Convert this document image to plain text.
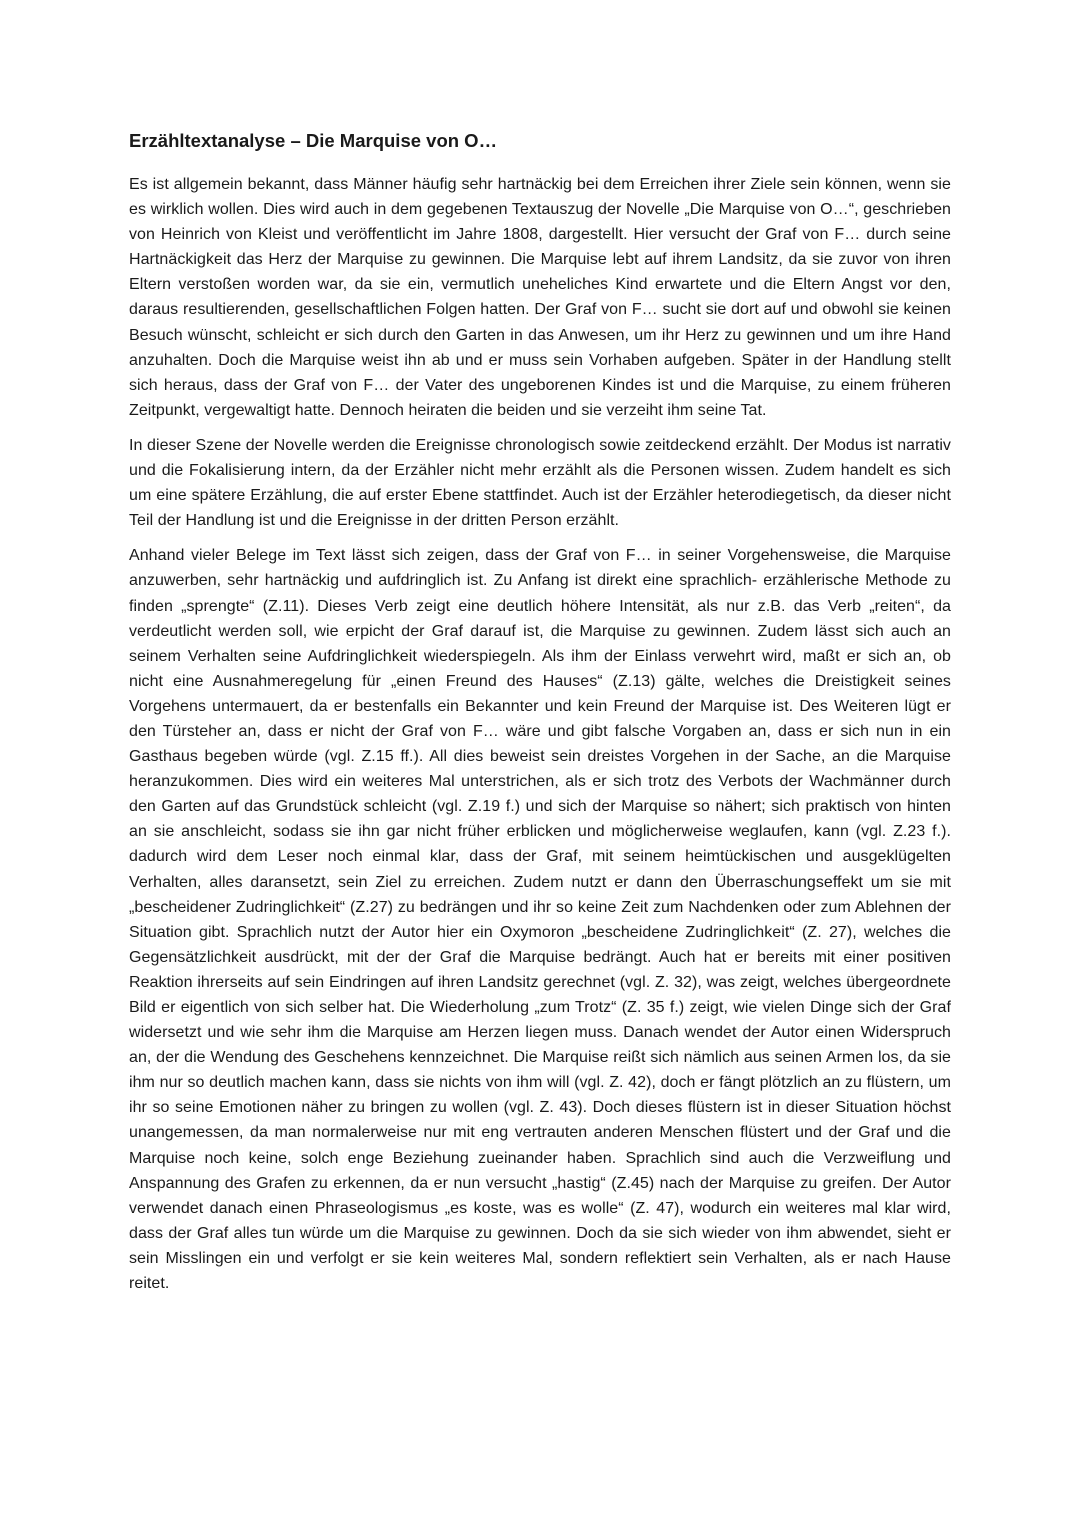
Erzähltextanalyse – Die Marquise von O…

Es ist allgemein bekannt, dass Männer häufig sehr hartnäckig bei dem Erreichen ihrer Ziele sein können, wenn sie es wirklich wollen. Dies wird auch in dem gegebenen Textauszug der Novelle „Die Marquise von O…“, geschrieben von Heinrich von Kleist und veröffentlicht im Jahre 1808, dargestellt. Hier versucht der Graf von F… durch seine Hartnäckigkeit das Herz der Marquise zu gewinnen. Die Marquise lebt auf ihrem Landsitz, da sie zuvor von ihren Eltern verstoßen worden war, da sie ein, vermutlich uneheliches Kind erwartete und die Eltern Angst vor den, daraus resultierenden, gesellschaftlichen Folgen hatten. Der Graf von F… sucht sie dort auf und obwohl sie keinen Besuch wünscht, schleicht er sich durch den Garten in das Anwesen, um ihr Herz zu gewinnen und um ihre Hand anzuhalten. Doch die Marquise weist ihn ab und er muss sein Vorhaben aufgeben. Später in der Handlung stellt sich heraus, dass der Graf von F… der Vater des ungeborenen Kindes ist und die Marquise, zu einem früheren Zeitpunkt, vergewaltigt hatte. Dennoch heiraten die beiden und sie verzeiht ihm seine Tat.

In dieser Szene der Novelle werden die Ereignisse chronologisch sowie zeitdeckend erzählt. Der Modus ist narrativ und die Fokalisierung intern, da der Erzähler nicht mehr erzählt als die Personen wissen. Zudem handelt es sich um eine spätere Erzählung, die auf erster Ebene stattfindet. Auch ist der Erzähler heterodiegetisch, da dieser nicht Teil der Handlung ist und die Ereignisse in der dritten Person erzählt.

Anhand vieler Belege im Text lässt sich zeigen, dass der Graf von F… in seiner Vorgehensweise, die Marquise anzuwerben, sehr hartnäckig und aufdringlich ist. Zu Anfang ist direkt eine sprachlich- erzählerische Methode zu finden „sprengte“ (Z.11). Dieses Verb zeigt eine deutlich höhere Intensität, als nur z.B. das Verb „reiten“, da verdeutlicht werden soll, wie erpicht der Graf darauf ist, die Marquise zu gewinnen. Zudem lässt sich auch an seinem Verhalten seine Aufdringlichkeit wiederspiegeln. Als ihm der Einlass verwehrt wird, maßt er sich an, ob nicht eine Ausnahmeregelung für „einen Freund des Hauses“ (Z.13) gälte, welches die Dreistigkeit seines Vorgehens untermauert, da er bestenfalls ein Bekannter und kein Freund der Marquise ist. Des Weiteren lügt er den Türsteher an, dass er nicht der Graf von F… wäre und gibt falsche Vorgaben an, dass er sich nun in ein Gasthaus begeben würde (vgl. Z.15 ff.). All dies beweist sein dreistes Vorgehen in der Sache, an die Marquise heranzukommen. Dies wird ein weiteres Mal unterstrichen, als er sich trotz des Verbots der Wachmänner durch den Garten auf das Grundstück schleicht (vgl. Z.19 f.) und sich der Marquise so nähert; sich praktisch von hinten an sie anschleicht, sodass sie ihn gar nicht früher erblicken und möglicherweise weglaufen, kann (vgl. Z.23 f.). dadurch wird dem Leser noch einmal klar, dass der Graf, mit seinem heimtückischen und ausgeklügelten Verhalten, alles daransetzt, sein Ziel zu erreichen. Zudem nutzt er dann den Überraschungseffekt um sie mit „bescheidener Zudringlichkeit“ (Z.27) zu bedrängen und ihr so keine Zeit zum Nachdenken oder zum Ablehnen der Situation gibt. Sprachlich nutzt der Autor hier ein Oxymoron „bescheidene Zudringlichkeit“ (Z. 27), welches die Gegensätzlichkeit ausdrückt, mit der der Graf die Marquise bedrängt. Auch hat er bereits mit einer positiven Reaktion ihrerseits auf sein Eindringen auf ihren Landsitz gerechnet (vgl. Z. 32), was zeigt, welches übergeordnete Bild er eigentlich von sich selber hat. Die Wiederholung „zum Trotz“ (Z. 35 f.) zeigt, wie vielen Dinge sich der Graf widersetzt und wie sehr ihm die Marquise am Herzen liegen muss. Danach wendet der Autor einen Widerspruch an, der die Wendung des Geschehens kennzeichnet. Die Marquise reißt sich nämlich aus seinen Armen los, da sie ihm nur so deutlich machen kann, dass sie nichts von ihm will (vgl. Z. 42), doch er fängt plötzlich an zu flüstern, um ihr so seine Emotionen näher zu bringen zu wollen (vgl. Z. 43). Doch dieses flüstern ist in dieser Situation höchst unangemessen, da man normalerweise nur mit eng vertrauten anderen Menschen flüstert und der Graf und die Marquise noch keine, solch enge Beziehung zueinander haben. Sprachlich sind auch die Verzweiflung und Anspannung des Grafen zu erkennen, da er nun versucht „hastig“ (Z.45) nach der Marquise zu greifen. Der Autor verwendet danach einen Phraseologismus „es koste, was es wolle“ (Z. 47), wodurch ein weiteres mal klar wird, dass der Graf alles tun würde um die Marquise zu gewinnen. Doch da sie sich wieder von ihm abwendet, sieht er sein Misslingen ein und verfolgt er sie kein weiteres Mal, sondern reflektiert sein Verhalten, als er nach Hause reitet.
